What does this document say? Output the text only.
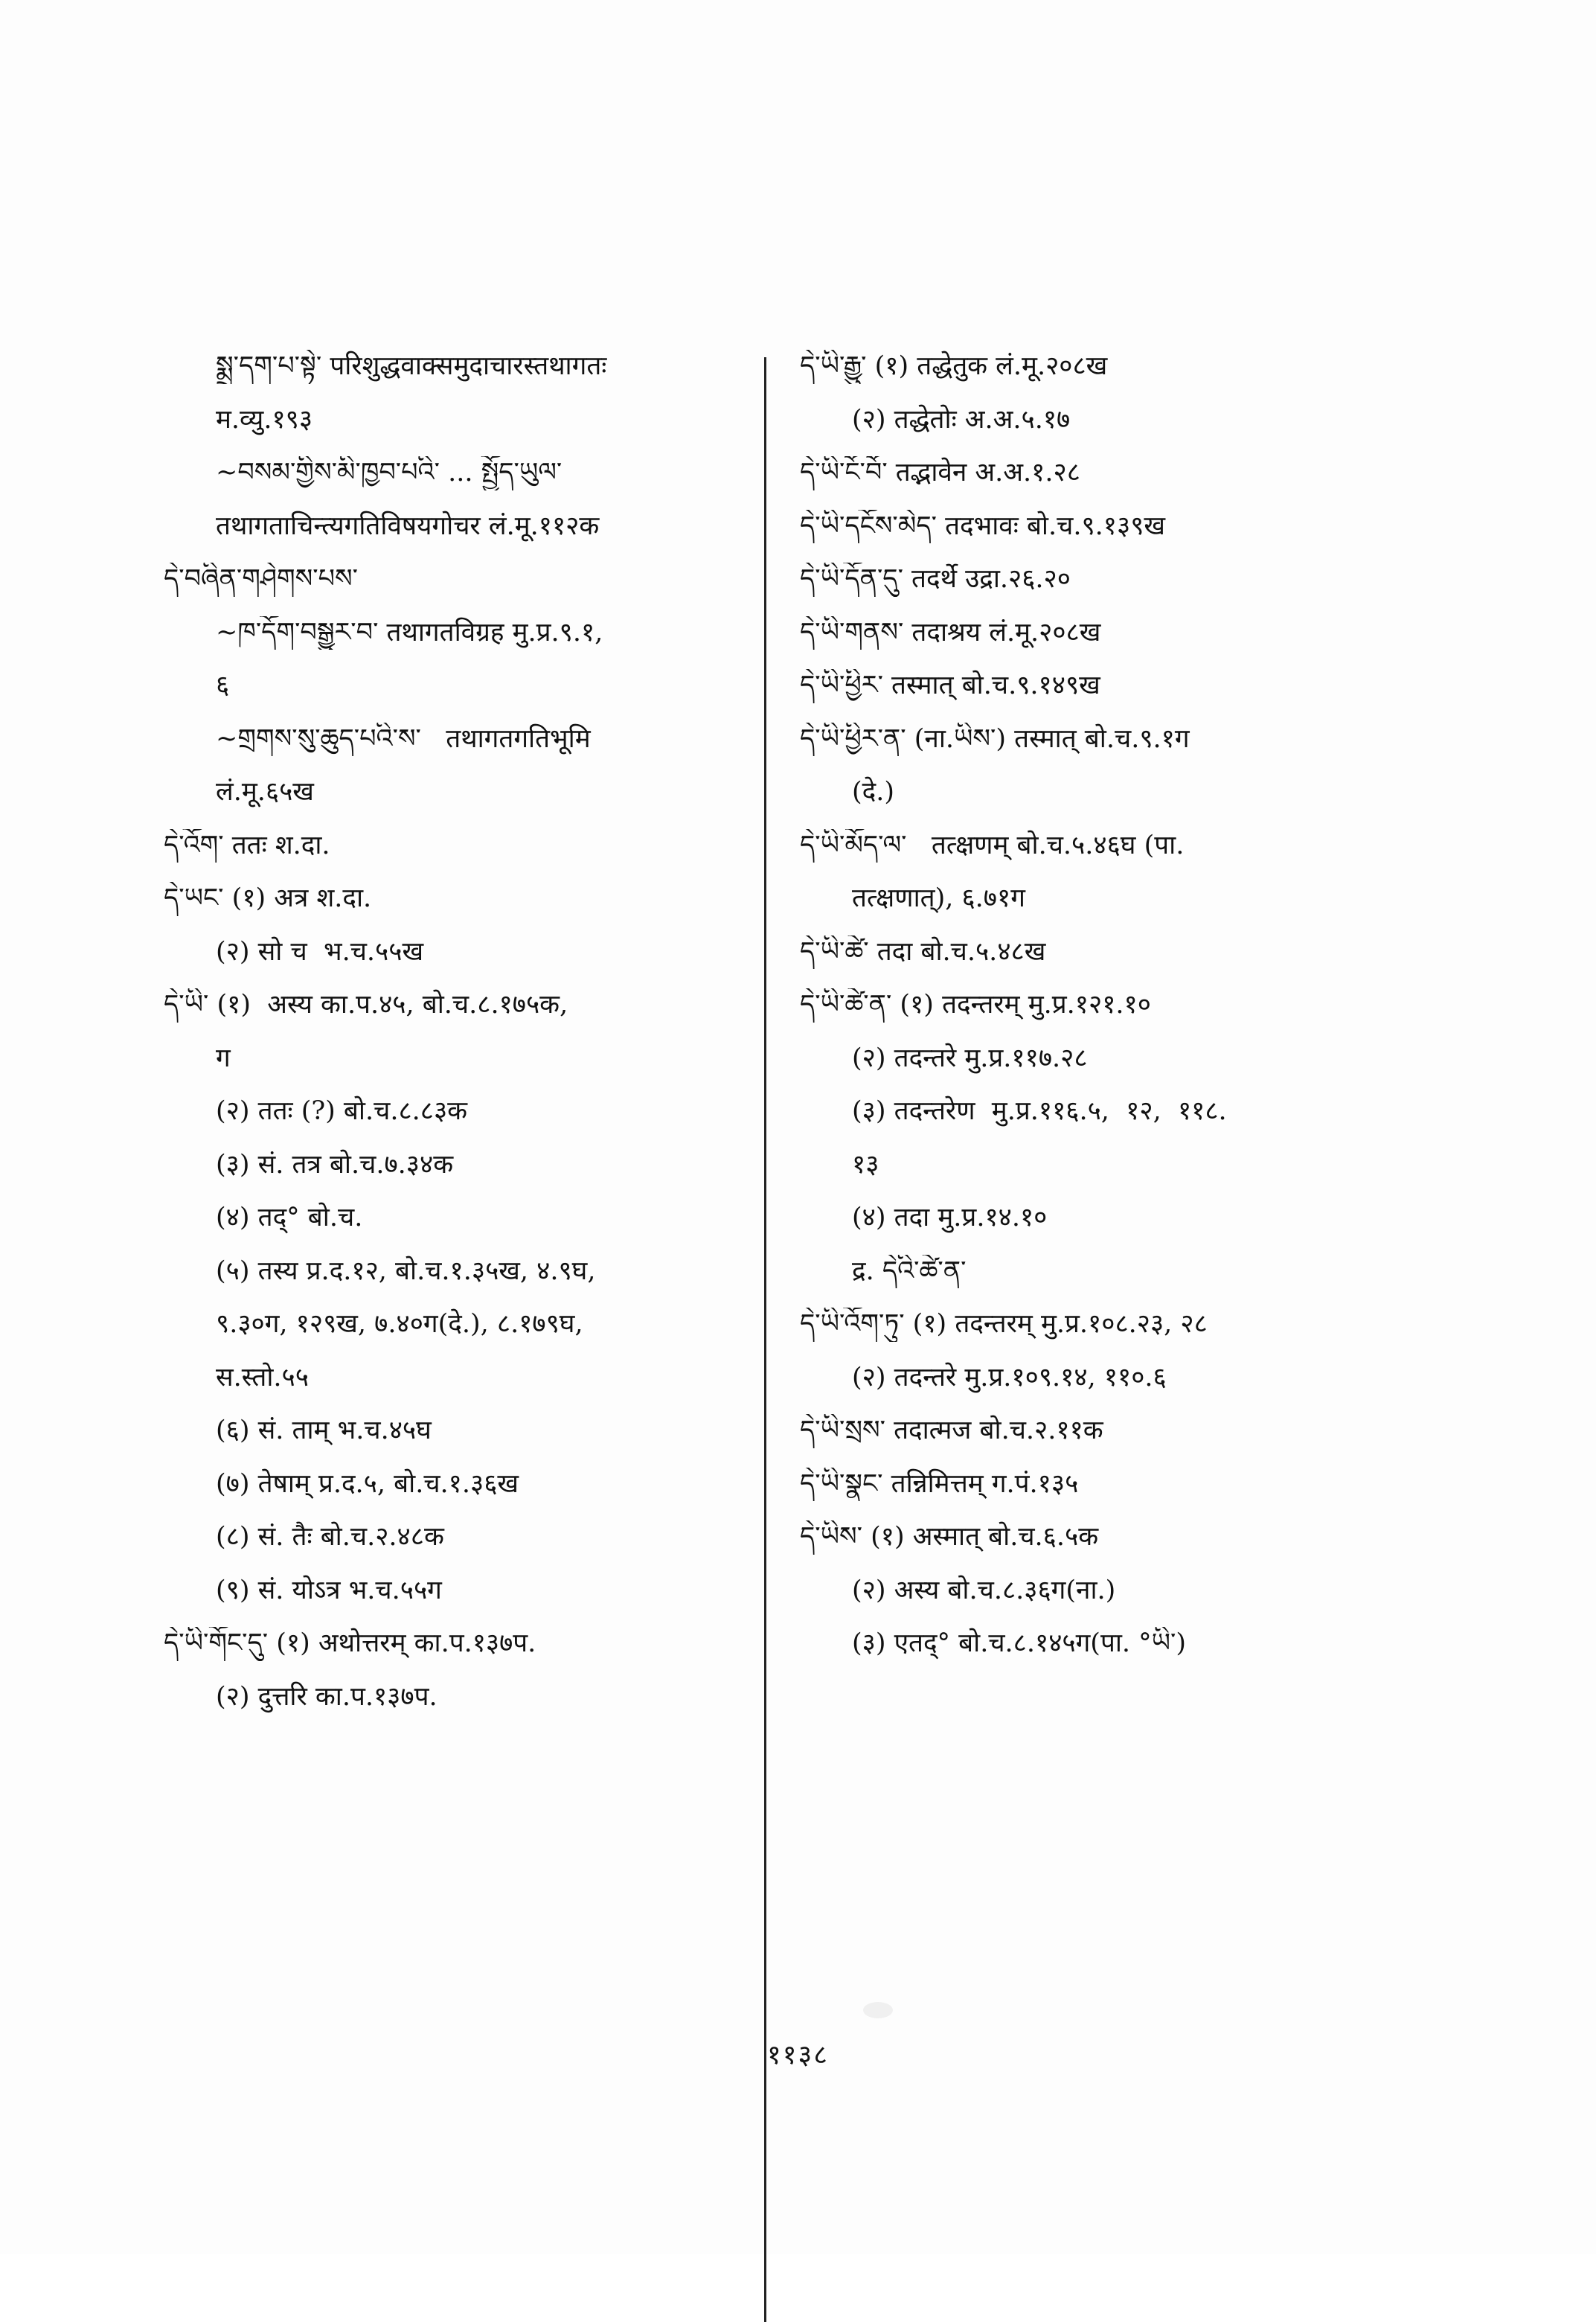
སྨྲ་དག་པ་སྟེ་ परिशुद्धवाक्समुदाचारस्तथागतः
म.व्यु.१९३
~བསམ་གྱིས་མི་ཁྱབ་པའི་ ... སྤྱོད་ཡུལ་
तथागताचिन्त्यगतिविषयगोचर लं.मू.११२क
དེ་བཞིན་གཤེགས་པས་
~ཁ་དོག་བསྒྱུར་བ་ तथागतविग्रह मु.प्र.९.१,
६
~གྲགས་སུ་ཆུད་པའི་ས་   तथागतगतिभूमि
लं.मू.६५ख
དེ་འོག་ ततः श.दा.
དེ་ཡང་ (१) अत्र श.दा.
(२) सो च  भ.च.५५ख
དེ་ཡི་ (१)  अस्य का.प.४५, बो.च.८.१७५क,
ग
(२) ततः (?) बो.च.८.८३क
(३) सं. तत्र बो.च.७.३४क
(४) तद्° बो.च.
(५) तस्य प्र.द.१२, बो.च.१.३५ख, ४.९घ,
९.३०ग, १२९ख, ७.४०ग(दे.), ८.१७९घ,
स.स्तो.५५
(६) सं. ताम् भ.च.४५घ
(७) तेषाम् प्र.द.५, बो.च.१.३६ख
(८) सं. तैः बो.च.२.४८क
(९) सं. योऽत्र भ.च.५५ग
དེ་ཡི་གོང་དུ་ (१) अथोत्तरम् का.प.१३७प.
(२) दुत्तरि का.प.१३७प.
དེ་ཡི་རྒྱུ་ (१) तद्धेतुक लं.मू.२०८ख
(२) तद्धेतोः अ.अ.५.१७
དེ་ཡི་ངོ་བོ་ तद्भावेन अ.अ.१.२८
དེ་ཡི་དངོས་མེད་ तदभावः बो.च.९.१३९ख
དེ་ཡི་དོན་དུ་ तदर्थे उद्रा.२६.२०
དེ་ཡི་གནས་ तदाश्रय लं.मू.२०८ख
དེ་ཡི་ཕྱིར་ तस्मात् बो.च.९.१४९ख
དེ་ཡི་ཕྱིར་ན་ (ना.ཡིས་) तस्मात् बो.च.९.१ग
(दे.)
དེ་ཡི་མོད་ལ་   तत्क्षणम् बो.च.५.४६घ (पा.
तत्क्षणात्), ६.७१ग
དེ་ཡི་ཚེ་ तदा बो.च.५.४८ख
དེ་ཡི་ཚེ་ན་ (१) तदन्तरम् मु.प्र.१२१.१०
(२) तदन्तरे मु.प्र.११७.२८
(३) तदन्तरेण  मु.प्र.११६.५,  १२,  ११८.
१३
(४) तदा मु.प्र.१४.१०
द्र. དེའི་ཚེ་ན་
དེ་ཡི་འོག་ཏུ་ (१) तदन्तरम् मु.प्र.१०८.२३, २८
(२) तदन्तरे मु.प्र.१०९.१४, ११०.६
དེ་ཡི་སྲས་ तदात्मज बो.च.२.११क
དེ་ཡི་སྣང་ तन्निमित्तम् ग.पं.१३५
དེ་ཡིས་ (१) अस्मात् बो.च.६.५क
(२) अस्य बो.च.८.३६ग(ना.)
(३) एतद्° बो.च.८.१४५ग(पा. °ཡི་)
११३८
